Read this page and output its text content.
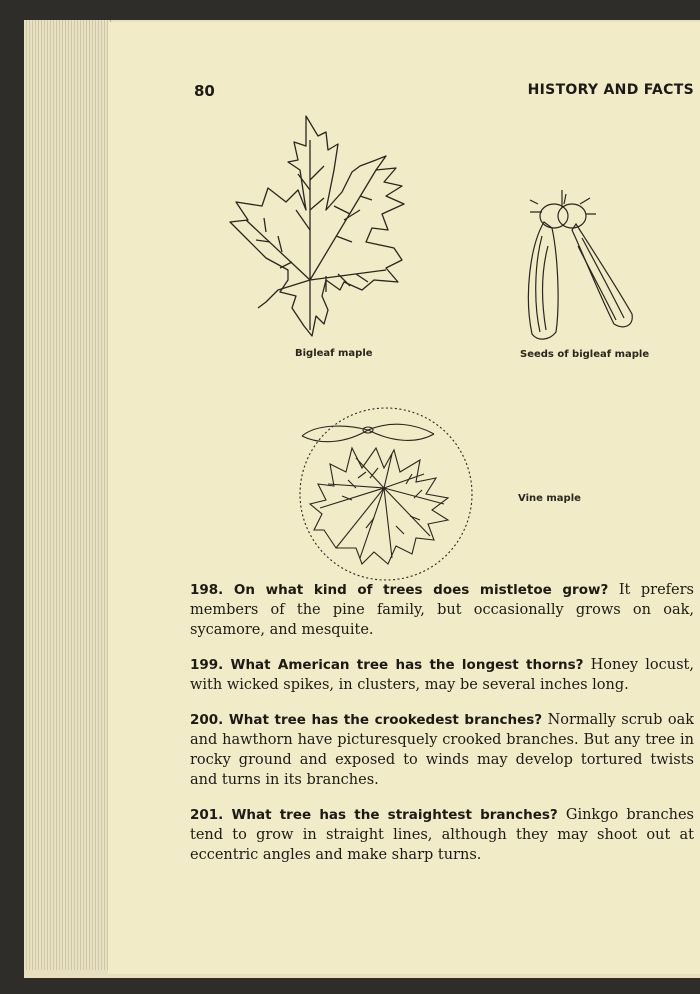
80	HISTORY AND FACTS
Bigleaf maple	Seeds of bigleaf maple
Vine maple

198. On what kind of trees does mistletoe grow? It prefers members of the pine family, but occasionally grows on oak, sycamore, and mesquite.

199. What American tree has the longest thorns? Honey locust, with wicked spikes, in clusters, may be several inches long.

200. What tree has the crookedest branches? Normally scrub oak and hawthorn have picturesquely crooked branches. But any tree in rocky ground and exposed to winds may develop tortured twists and turns in its branches.

201. What tree has the straightest branches? Ginkgo branches tend to grow in straight lines, although they may shoot out at eccentric angles and make sharp turns.
